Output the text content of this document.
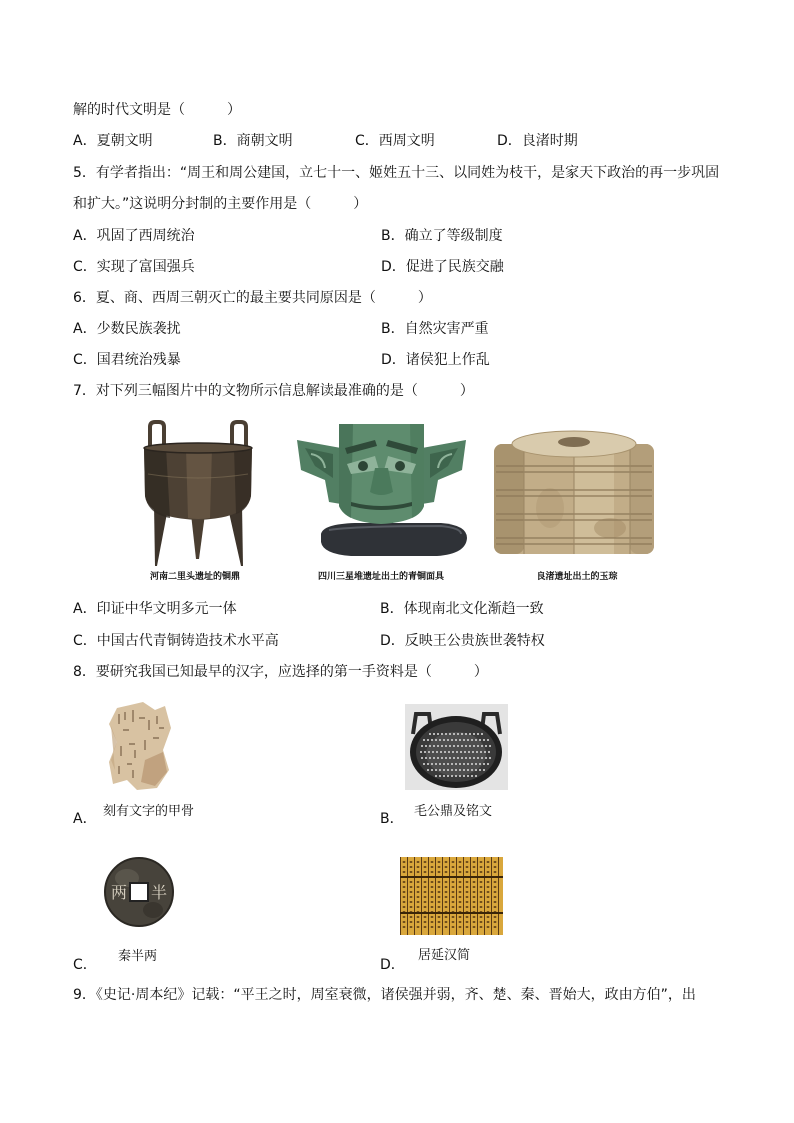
解的时代文明是（　　　）
A．夏朝文明	B．商朝文明	C．西周文明	D．良渚时期
5．有学者指出：“周王和周公建国，立七十一、姬姓五十三、以同姓为枝干，是家天下政治的再一步巩固
和扩大。”这说明分封制的主要作用是（　　　）
A．巩固了西周统治	B．确立了等级制度
C．实现了富国强兵	D．促进了民族交融
6．夏、商、西周三朝灭亡的最主要共同原因是（　　　）
A．少数民族袭扰	B．自然灾害严重
C．国君统治残暴	D．诸侯犯上作乱
7．对下列三幅图片中的文物所示信息解读最准确的是（　　　）
河南二里头遗址的铜鼎	四川三星堆遗址出土的青铜面具	良渚遗址出土的玉琮
A．印证中华文明多元一体	B．体现南北文化渐趋一致
C．中国古代青铜铸造技术水平高	D．反映王公贵族世袭特权
8．要研究我国已知最早的汉字，应选择的第一手资料是（　　　）
刻有文字的甲骨
A．	毛公鼎及铭文
B．
两 半
秦半两
C．
居延汉简
D．
9．《史记·周本纪》记载：“平王之时，周室衰微，诸侯强并弱，齐、楚、秦、晋始大，政由方伯”，出
